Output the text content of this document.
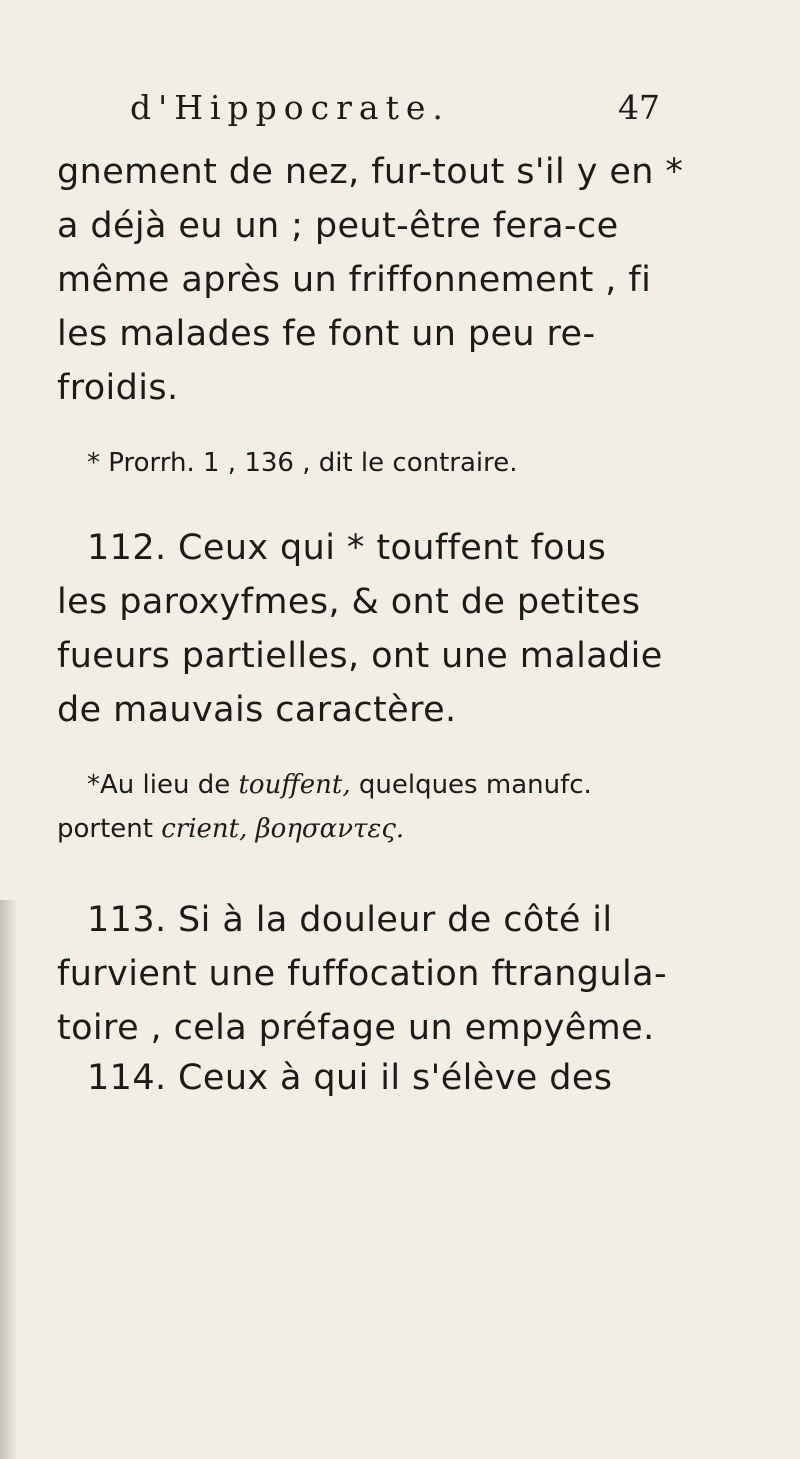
d'Hippocrate.	47
gnement de nez, fur-tout s'il y en *
a déjà eu un ; peut-être fera-ce
même après un friffonnement , fi
les malades fe font un peu re-
froidis.
* Prorrh. 1 , 136 , dit le contraire.
112. Ceux qui * touffent fous
les paroxyfmes, & ont de petites
fueurs partielles, ont une maladie
de mauvais caractère.
*Au lieu de touffent, quelques manufc.
portent crient, βοησαντες.
113. Si à la douleur de côté il
furvient une fuffocation ftrangula-
toire , cela préfage un empyême.
114. Ceux à qui il s'élève des
